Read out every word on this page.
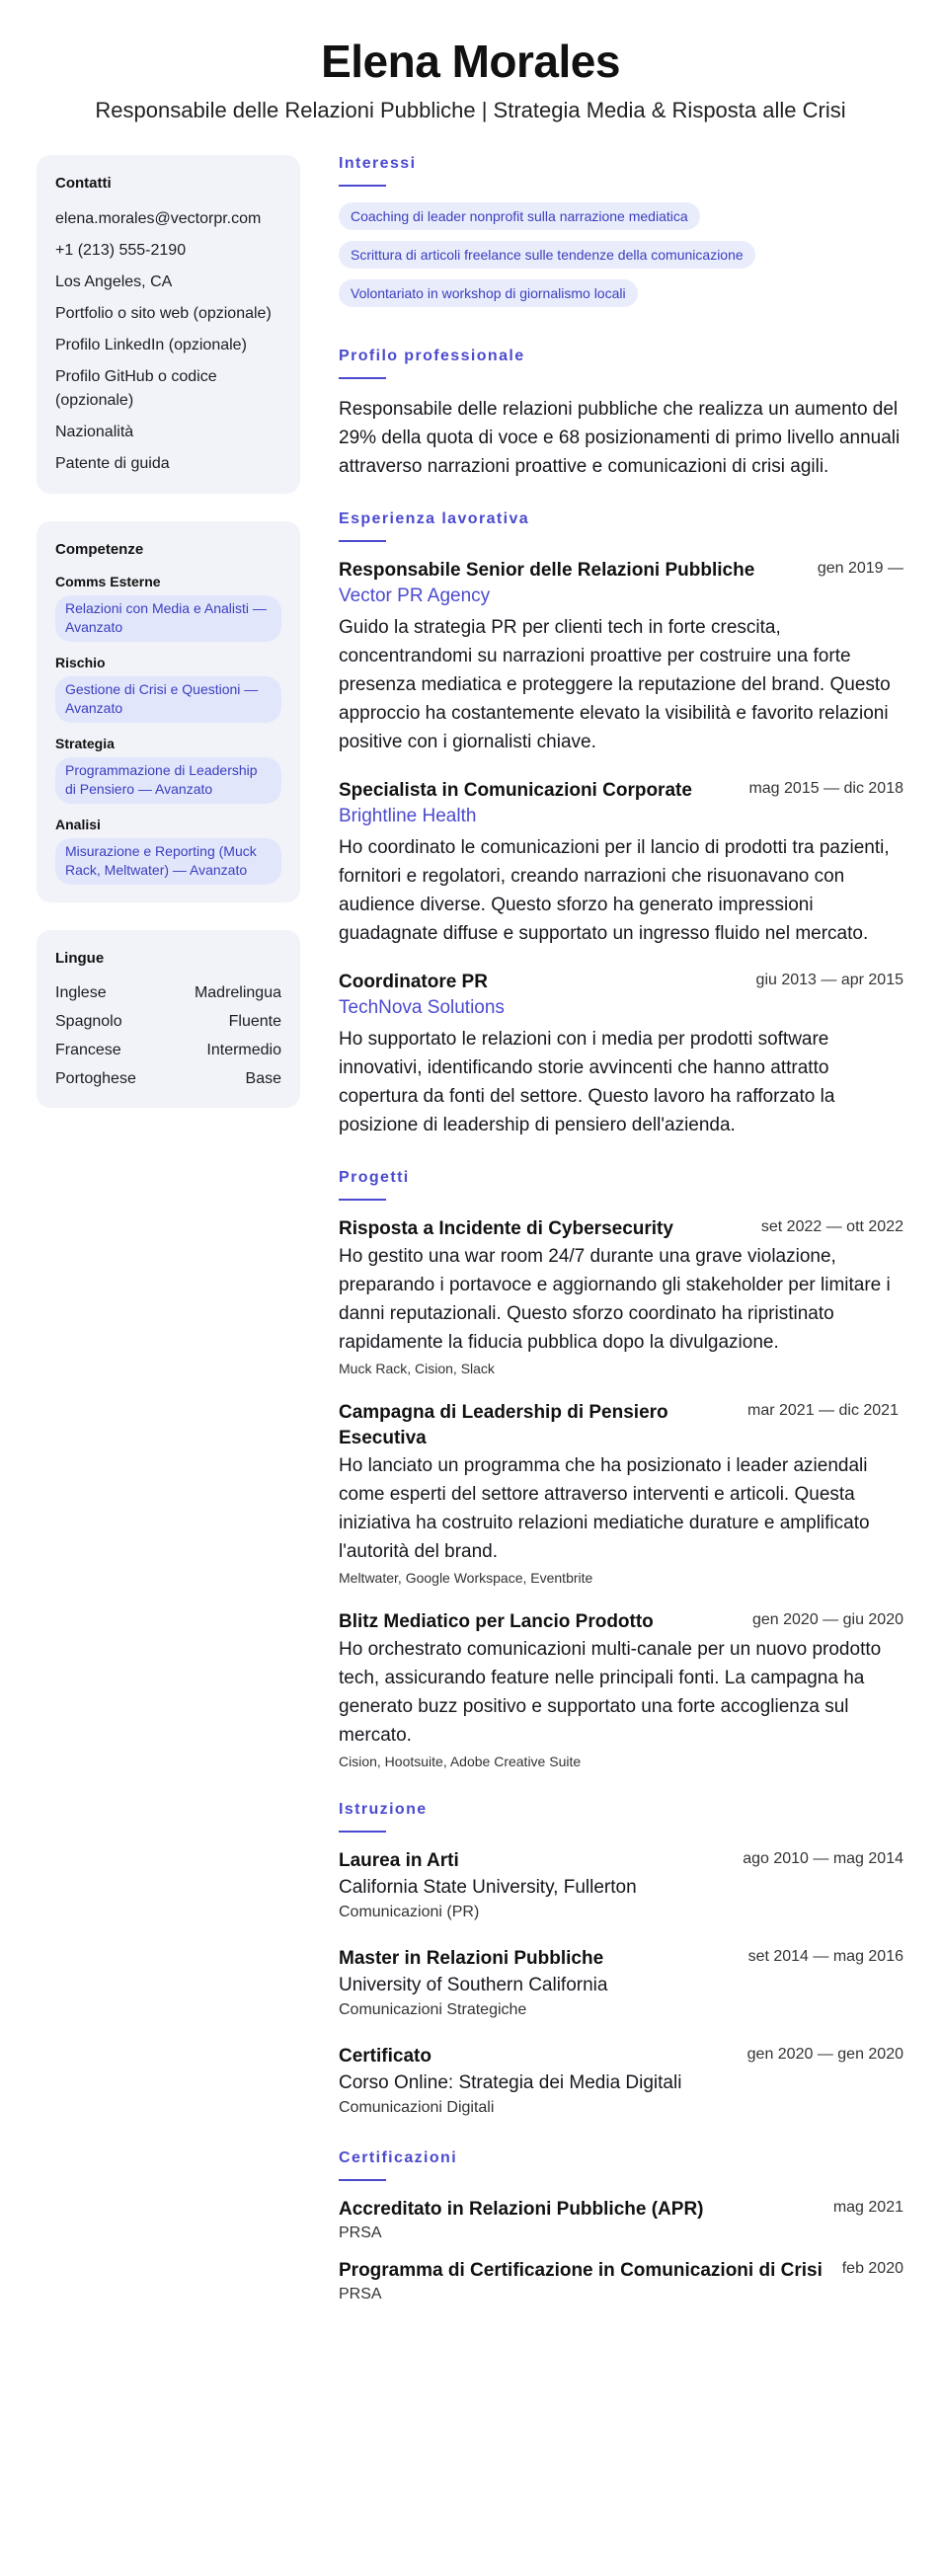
Elena Morales
Responsabile delle Relazioni Pubbliche | Strategia Media & Risposta alle Crisi
Contatti
elena.morales@vectorpr.com
+1 (213) 555-2190
Los Angeles, CA
Portfolio o sito web (opzionale)
Profilo LinkedIn (opzionale)
Profilo GitHub o codice (opzionale)
Nazionalità
Patente di guida
Competenze
Comms Esterne
Relazioni con Media e Analisti — Avanzato
Rischio
Gestione di Crisi e Questioni — Avanzato
Strategia
Programmazione di Leadership di Pensiero — Avanzato
Analisi
Misurazione e Reporting (Muck Rack, Meltwater) — Avanzato
Lingue
Inglese	Madrelingua
Spagnolo	Fluente
Francese	Intermedio
Portoghese	Base
Interessi
Coaching di leader nonprofit sulla narrazione mediatica
Scrittura di articoli freelance sulle tendenze della comunicazione
Volontariato in workshop di giornalismo locali
Profilo professionale

Responsabile delle relazioni pubbliche che realizza un aumento del 29% della quota di voce e 68 posizionamenti di primo livello annuali attraverso narrazioni proattive e comunicazioni di crisi agili.

Esperienza lavorativa
Responsabile Senior delle Relazioni Pubbliche	gen 2019 —
Vector PR Agency

Guido la strategia PR per clienti tech in forte crescita, concentrandomi su narrazioni proattive per costruire una forte presenza mediatica e proteggere la reputazione del brand. Questo approccio ha costantemente elevato la visibilità e favorito relazioni positive con i giornalisti chiave.

Specialista in Comunicazioni Corporate	mag 2015 — dic 2018
Brightline Health

Ho coordinato le comunicazioni per il lancio di prodotti tra pazienti, fornitori e regolatori, creando narrazioni che risuonavano con audience diverse. Questo sforzo ha generato impressioni guadagnate diffuse e supportato un ingresso fluido nel mercato.

Coordinatore PR	giu 2013 — apr 2015
TechNova Solutions

Ho supportato le relazioni con i media per prodotti software innovativi, identificando storie avvincenti che hanno attratto copertura da fonti del settore. Questo lavoro ha rafforzato la posizione di leadership di pensiero dell'azienda.

Progetti
Risposta a Incidente di Cybersecurity	set 2022 — ott 2022

Ho gestito una war room 24/7 durante una grave violazione, preparando i portavoce e aggiornando gli stakeholder per limitare i danni reputazionali. Questo sforzo coordinato ha ripristinato rapidamente la fiducia pubblica dopo la divulgazione.

Muck Rack, Cision, Slack
Campagna di Leadership di Pensiero Esecutiva
mar 2021 — dic 2021

Ho lanciato un programma che ha posizionato i leader aziendali come esperti del settore attraverso interventi e articoli. Questa iniziativa ha costruito relazioni mediatiche durature e amplificato l'autorità del brand.

Meltwater, Google Workspace, Eventbrite
Blitz Mediatico per Lancio Prodotto	gen 2020 — giu 2020

Ho orchestrato comunicazioni multi-canale per un nuovo prodotto tech, assicurando feature nelle principali fonti. La campagna ha generato buzz positivo e supportato una forte accoglienza sul mercato.

Cision, Hootsuite, Adobe Creative Suite
Istruzione
Laurea in Arti	ago 2010 — mag 2014
California State University, Fullerton
Comunicazioni (PR)
Master in Relazioni Pubbliche	set 2014 — mag 2016
University of Southern California
Comunicazioni Strategiche
Certificato	gen 2020 — gen 2020
Corso Online: Strategia dei Media Digitali
Comunicazioni Digitali
Certificazioni
Accreditato in Relazioni Pubbliche (APR)	mag 2021
PRSA
Programma di Certificazione in Comunicazioni di Crisi	feb 2020
PRSA
